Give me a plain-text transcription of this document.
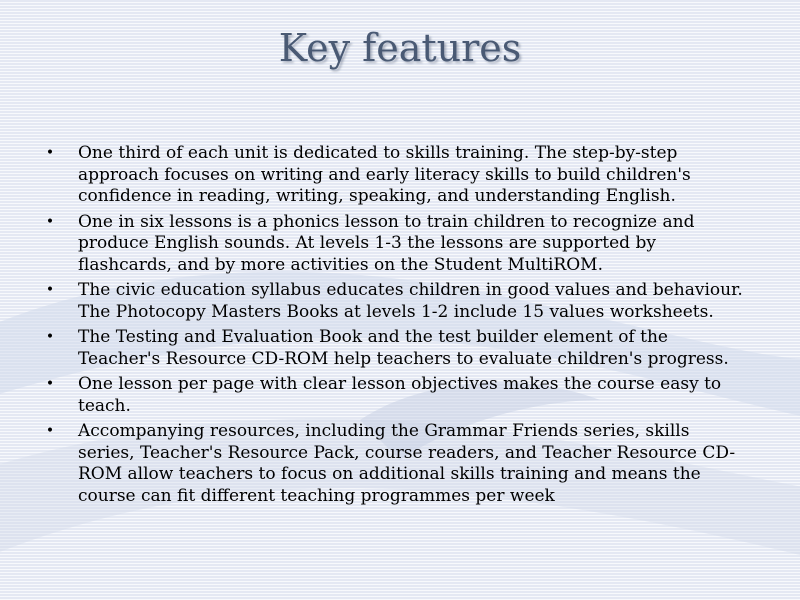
Key features
• One third of each unit is dedicated to skills training. The step-by-step approach focuses on writing and early literacy skills to build children's confidence in reading, writing, speaking, and understanding English.
• One in six lessons is a phonics lesson to train children to recognize and produce English sounds. At levels 1-3 the lessons are supported by flashcards, and by more activities on the Student MultiROM.
• The civic education syllabus educates children in good values and behaviour. The Photocopy Masters Books at levels 1-2 include 15 values worksheets.
• The Testing and Evaluation Book and the test builder element of the Teacher's Resource CD-ROM help teachers to evaluate children's progress.
• One lesson per page with clear lesson objectives makes the course easy to teach.
• Accompanying resources, including the Grammar Friends series, skills series, Teacher's Resource Pack, course readers, and Teacher Resource CD-ROM allow teachers to focus on additional skills training and means the course can fit different teaching programmes per week
